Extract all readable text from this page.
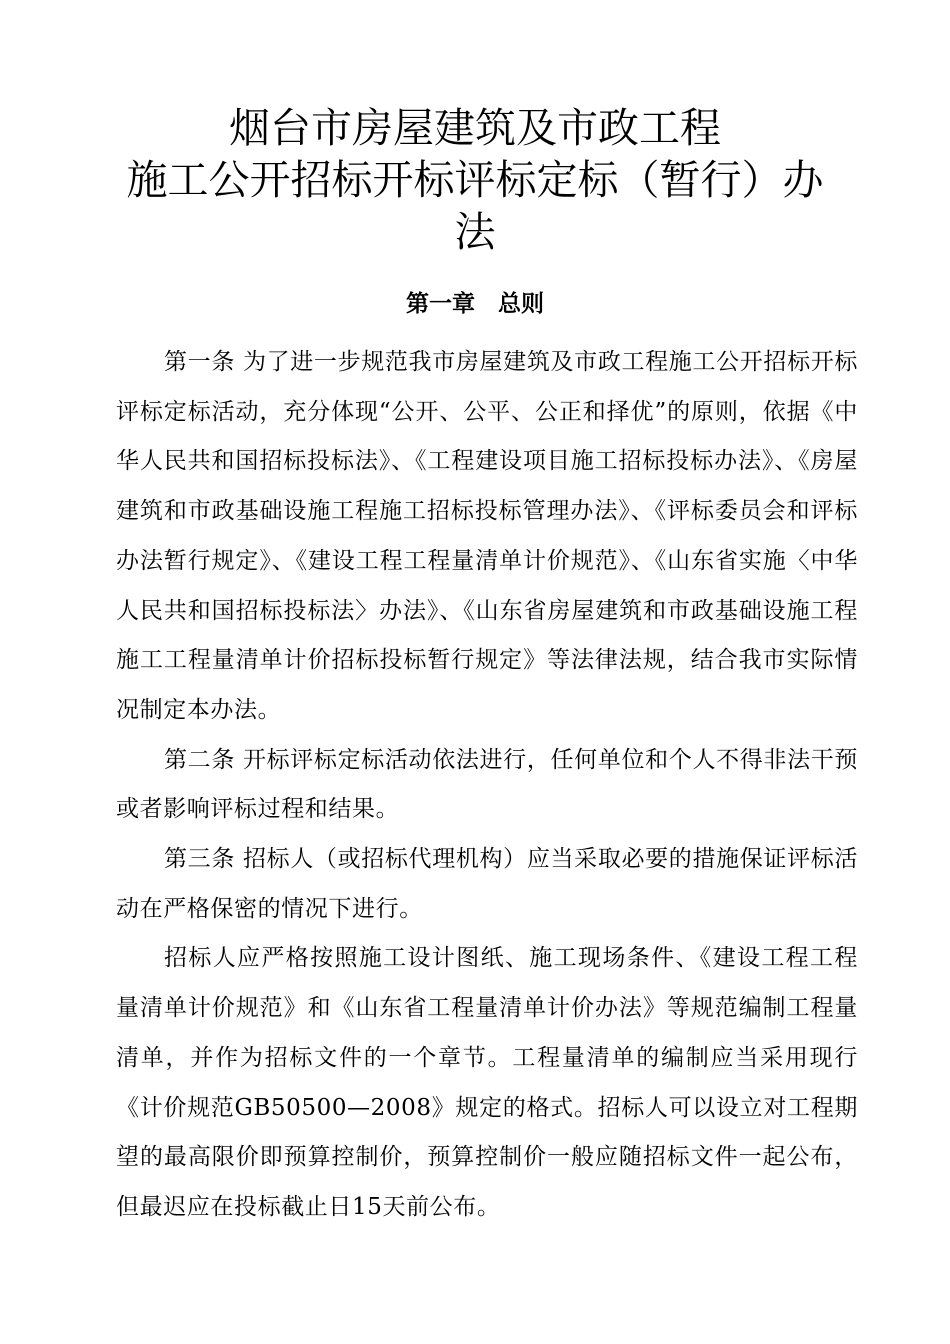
烟台市房屋建筑及市政工程
施工公开招标开标评标定标（暂行）办
法
第一章　总则

第一条 为了进一步规范我市房屋建筑及市政工程施工公开招标开标评标定标活动，充分体现“公开、公平、公正和择优”的原则，依据《中华人民共和国招标投标法》、《工程建设项目施工招标投标办法》、《房屋建筑和市政基础设施工程施工招标投标管理办法》、《评标委员会和评标办法暂行规定》、《建设工程工程量清单计价规范》、《山东省实施〈中华人民共和国招标投标法〉办法》、《山东省房屋建筑和市政基础设施工程施工工程量清单计价招标投标暂行规定》等法律法规，结合我市实际情况制定本办法。

第二条 开标评标定标活动依法进行，任何单位和个人不得非法干预或者影响评标过程和结果。

第三条 招标人（或招标代理机构）应当采取必要的措施保证评标活动在严格保密的情况下进行。

招标人应严格按照施工设计图纸、施工现场条件、《建设工程工程量清单计价规范》和《山东省工程量清单计价办法》等规范编制工程量清单，并作为招标文件的一个章节。工程量清单的编制应当采用现行《计价规范GB50500—2008》规定的格式。招标人可以设立对工程期望的最高限价即预算控制价，预算控制价一般应随招标文件一起公布，但最迟应在投标截止日15天前公布。
